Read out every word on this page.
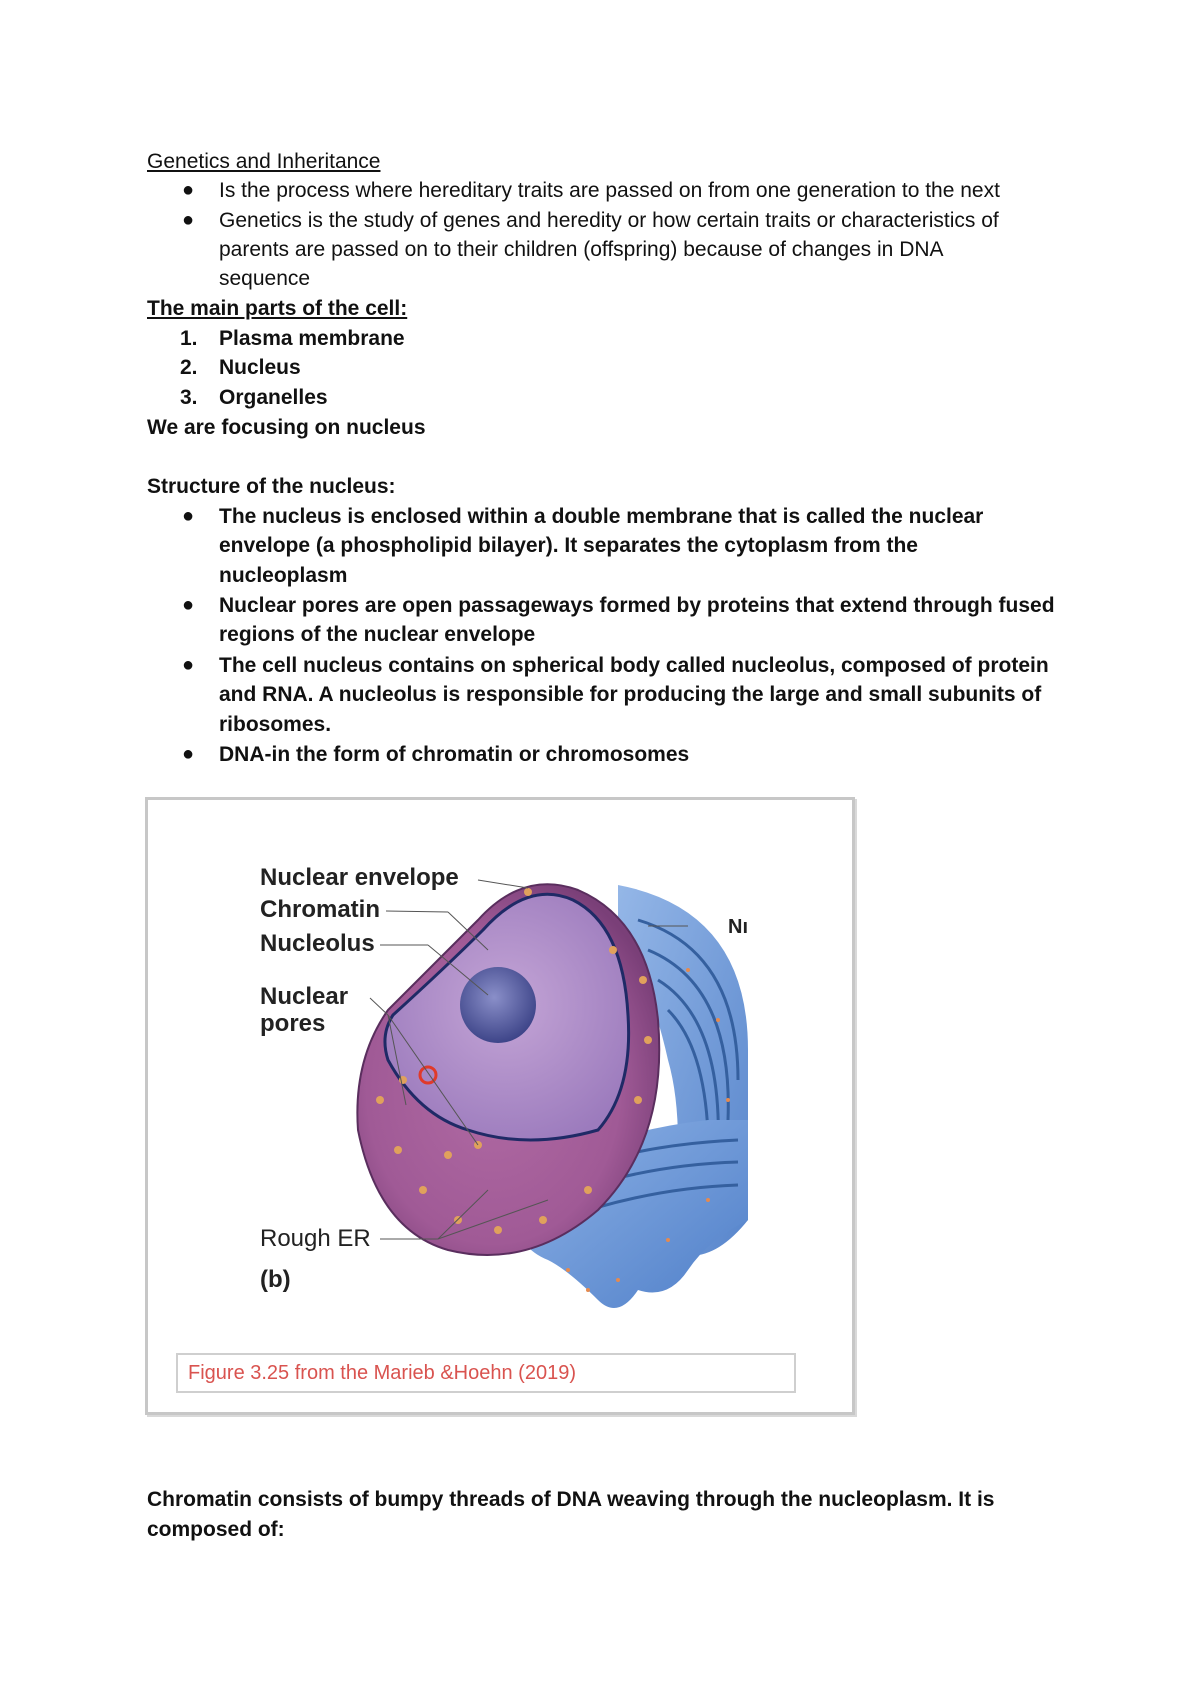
Genetics and Inheritance
● Is the process where hereditary traits are passed on from one generation to the next
● Genetics is the study of genes and heredity or how certain traits or characteristics of
parents are passed on to their children (offspring) because of changes in DNA
sequence
The main parts of the cell:
1. Plasma membrane
2. Nucleus
3. Organelles
We are focusing on nucleus
Structure of the nucleus:
● The nucleus is enclosed within a double membrane that is called the nuclear
envelope (a phospholipid bilayer). It separates the cytoplasm from the
nucleoplasm
● Nuclear pores are open passageways formed by proteins that extend through fused
regions of the nuclear envelope
● The cell nucleus contains on spherical body called nucleolus, composed of protein
and RNA. A nucleolus is responsible for producing the large and small subunits of
ribosomes.
● DNA-in the form of chromatin or chromosomes
Nuclear envelope
Chromatin
Nucleolus
Nuclear
pores
Rough ER
(b)
Nı
Figure 3.25 from the Marieb &Hoehn (2019)
Chromatin consists of bumpy threads of DNA weaving through the nucleoplasm. It is
composed of:
